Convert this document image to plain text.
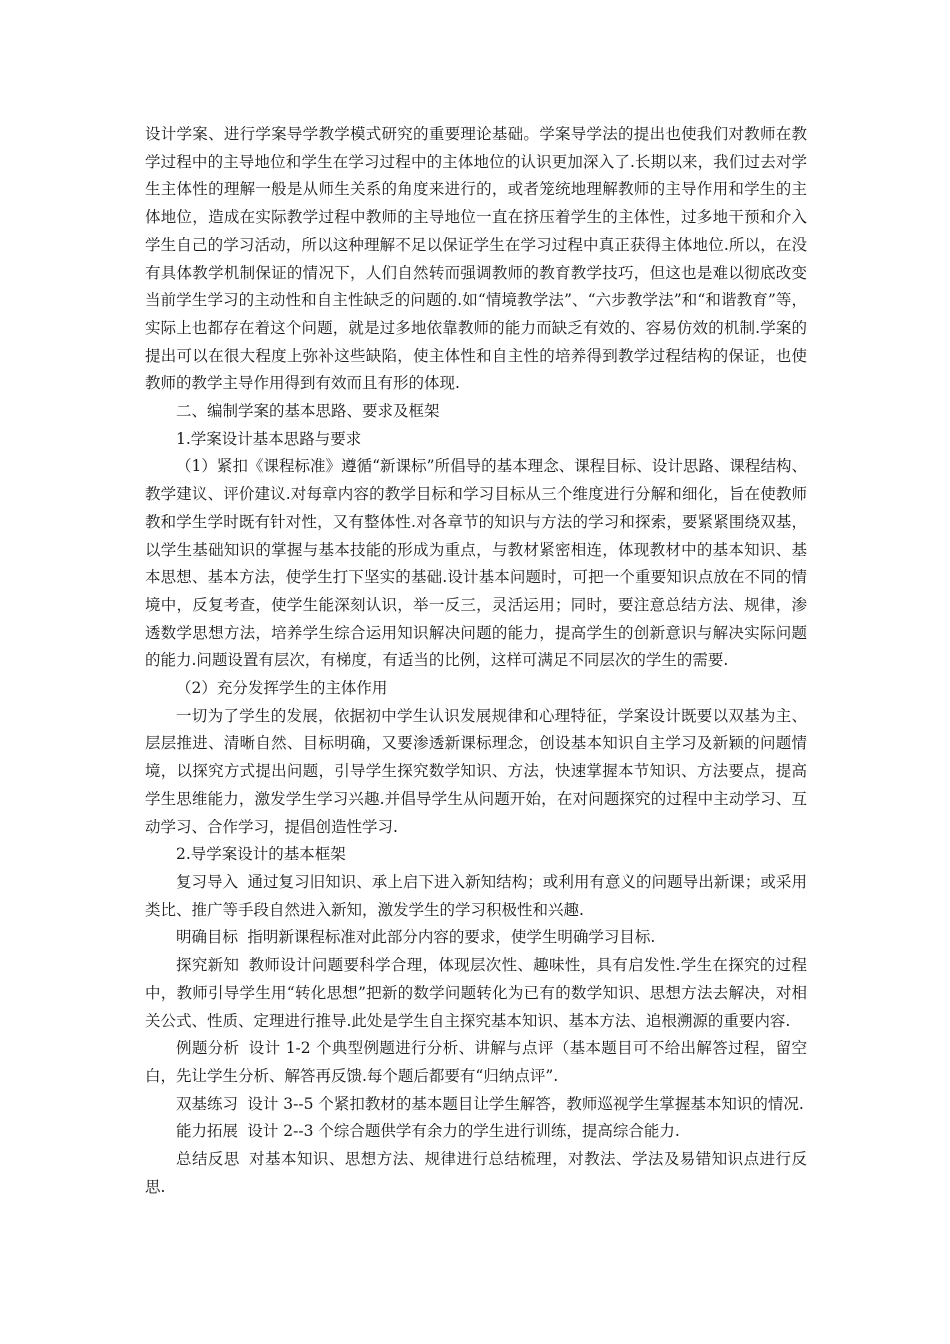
设计学案、进行学案导学教学模式研究的重要理论基础。学案导学法的提出也使我们对教师在教学过程中的主导地位和学生在学习过程中的主体地位的认识更加深入了.长期以来，我们过去对学生主体性的理解一般是从师生关系的角度来进行的，或者笼统地理解教师的主导作用和学生的主体地位，造成在实际教学过程中教师的主导地位一直在挤压着学生的主体性，过多地干预和介入学生自己的学习活动，所以这种理解不足以保证学生在学习过程中真正获得主体地位.所以，在没有具体教学机制保证的情况下，人们自然转而强调教师的教育教学技巧，但这也是难以彻底改变当前学生学习的主动性和自主性缺乏的问题的.如“情境教学法”、“六步教学法”和“和谐教育”等，实际上也都存在着这个问题，就是过多地依靠教师的能力而缺乏有效的、容易仿效的机制.学案的提出可以在很大程度上弥补这些缺陷，使主体性和自主性的培养得到教学过程结构的保证，也使教师的教学主导作用得到有效而且有形的体现.

二、编制学案的基本思路、要求及框架

1.学案设计基本思路与要求

（1）紧扣《课程标准》遵循“新课标”所倡导的基本理念、课程目标、设计思路、课程结构、教学建议、评价建议.对每章内容的教学目标和学习目标从三个维度进行分解和细化，旨在使教师教和学生学时既有针对性，又有整体性.对各章节的知识与方法的学习和探索，要紧紧围绕双基，以学生基础知识的掌握与基本技能的形成为重点，与教材紧密相连，体现教材中的基本知识、基本思想、基本方法，使学生打下坚实的基础.设计基本问题时，可把一个重要知识点放在不同的情境中，反复考查，使学生能深刻认识，举一反三，灵活运用；同时，要注意总结方法、规律，渗透数学思想方法，培养学生综合运用知识解决问题的能力，提高学生的创新意识与解决实际问题的能力.问题设置有层次，有梯度，有适当的比例，这样可满足不同层次的学生的需要.

（2）充分发挥学生的主体作用

一切为了学生的发展，依据初中学生认识发展规律和心理特征，学案设计既要以双基为主、层层推进、清晰自然、目标明确，又要渗透新课标理念，创设基本知识自主学习及新颖的问题情境，以探究方式提出问题，引导学生探究数学知识、方法，快速掌握本节知识、方法要点，提高学生思维能力，激发学生学习兴趣.并倡导学生从问题开始，在对问题探究的过程中主动学习、互动学习、合作学习，提倡创造性学习.

2.导学案设计的基本框架

复习导入 通过复习旧知识、承上启下进入新知结构；或利用有意义的问题导出新课；或采用类比、推广等手段自然进入新知，激发学生的学习积极性和兴趣.

明确目标 指明新课程标准对此部分内容的要求，使学生明确学习目标.

探究新知 教师设计问题要科学合理，体现层次性、趣味性，具有启发性.学生在探究的过程中，教师引导学生用“转化思想”把新的数学问题转化为已有的数学知识、思想方法去解决，对相关公式、性质、定理进行推导.此处是学生自主探究基本知识、基本方法、追根溯源的重要内容.

例题分析 设计 1-2 个典型例题进行分析、讲解与点评（基本题目可不给出解答过程，留空白，先让学生分析、解答再反馈.每个题后都要有“归纳点评”.

双基练习 设计 3--5 个紧扣教材的基本题目让学生解答，教师巡视学生掌握基本知识的情况.

能力拓展 设计 2--3 个综合题供学有余力的学生进行训练，提高综合能力.

总结反思 对基本知识、思想方法、规律进行总结梳理，对教法、学法及易错知识点进行反思.
